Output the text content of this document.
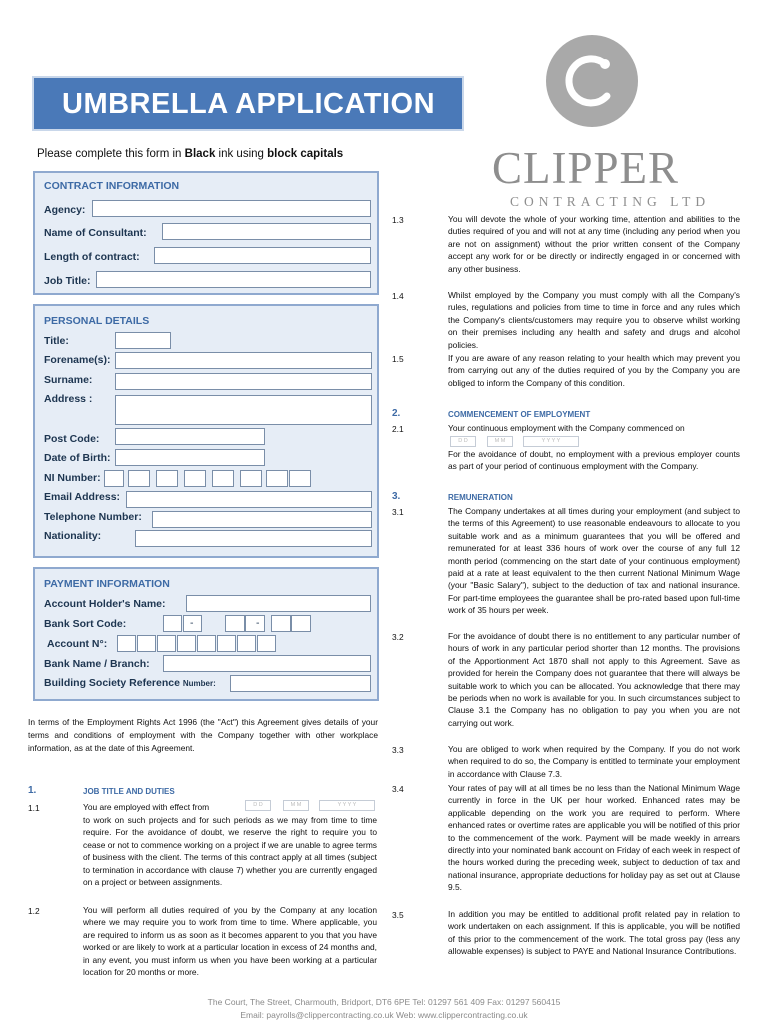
UMBRELLA APPLICATION
Please complete this form in Black ink using block capitals	CLIPPER
CONTRACTING LTD
CONTRACT INFORMATION
Agency:
Name of Consultant:
Length of contract:
Job Title:
PERSONAL DETAILS
Title:
Forename(s):
Surname:
Address :
Post Code:
Date of Birth:
NI Number:
Email Address:
Telephone Number:
Nationality:
PAYMENT INFORMATION
Account Holder's Name:
Bank Sort Code:	-	-
Account N°:
Bank Name / Branch:
Building Society Reference Number:
In terms of the Employment Rights Act 1996 (the "Act") this Agreement gives details of your terms and conditions of employment with the Company together with other workplace information, as at the date of this Agreement.
1.	JOB TITLE AND DUTIES
1.1	You are employed with effect from	D D	M M	Y Y Y Y
to work on such projects and for such periods as we may from time to time require. For the avoidance of doubt, we reserve the right to require you to cease or not to commence working on a project if we are unable to agree terms of business with the client. The terms of this contract apply at all times (subject to termination in accordance with clause 7) whether you are currently engaged on a project or between assignments.
1.2	You will perform all duties required of you by the Company at any location where we may require you to work from time to time. Where applicable, you are required to inform us as soon as it becomes apparent to you that you have worked or are likely to work at a particular location in excess of 24 months and, in any event, you must inform us when you have been working at a particular location for 20 months or more.
1.3	You will devote the whole of your working time, attention and abilities to the duties required of you and will not at any time (including any period when you are not on assignment) without the prior written consent of the Company accept any work for or be directly or indirectly engaged in or concerned with any other business.
1.4	Whilst employed by the Company you must comply with all the Company's rules, regulations and policies from time to time in force and any rules which the Company's clients/customers may require you to observe whilst working on their premises including any health and safety and drugs and alcohol policies.
1.5	If you are aware of any reason relating to your health which may prevent you from carrying out any of the duties required of you by the Company you are obliged to inform the Company of this condition.
2.	COMMENCEMENT OF EMPLOYMENT
2.1	Your continuous employment with the Company commenced on
D D	M M	Y Y Y Y
For the avoidance of doubt, no employment with a previous employer counts as part of your period of continuous employment with the Company.
3.	REMUNERATION
3.1	The Company undertakes at all times during your employment (and subject to the terms of this Agreement) to use reasonable endeavours to allocate to you suitable work and as a minimum guarantees that you will be offered and remunerated for at least 336 hours of work over the course of any full 12 month period (commencing on the start date of your continuous employment) paid at a rate at least equivalent to the then current National Minimum Wage (your "Basic Salary"), subject to the deduction of tax and national insurance. For part-time employees the guarantee shall be pro-rated based upon full-time work of 35 hours per week.
3.2	For the avoidance of doubt there is no entitlement to any particular number of hours of work in any particular period shorter than 12 months. The provisions of the Apportionment Act 1870 shall not apply to this Agreement. Save as provided for herein the Company does not guarantee that there will always be suitable work to which you can be allocated. You acknowledge that there may be periods when no work is available for you. In such circumstances subject to Clause 3.1 the Company has no obligation to pay you when you are not carrying out work.
3.3	You are obliged to work when required by the Company. If you do not work when required to do so, the Company is entitled to terminate your employment in accordance with Clause 7.3.
3.4	Your rates of pay will at all times be no less than the National Minimum Wage currently in force in the UK per hour worked. Enhanced rates may be applicable depending on the work you are required to perform. Where enhanced rates or overtime rates are applicable you will be notified of this prior to the commencement of the work. Payment will be made weekly in arrears directly into your nominated bank account on Friday of each week in respect of the hours worked during the preceding week, subject to deduction of tax and national insurance, appropriate deductions for holiday pay as set out at Clause 9.5.
3.5	In addition you may be entitled to additional profit related pay in relation to work undertaken on each assignment. If this is applicable, you will be notified of this prior to the commencement of the work. The total gross pay (less any allowable expenses) is subject to PAYE and National Insurance Contributions.
The Court, The Street, Charmouth, Bridport, DT6 6PE Tel: 01297 561 409 Fax: 01297 560415
Email: payrolls@clippercontracting.co.uk Web: www.clippercontracting.co.uk
